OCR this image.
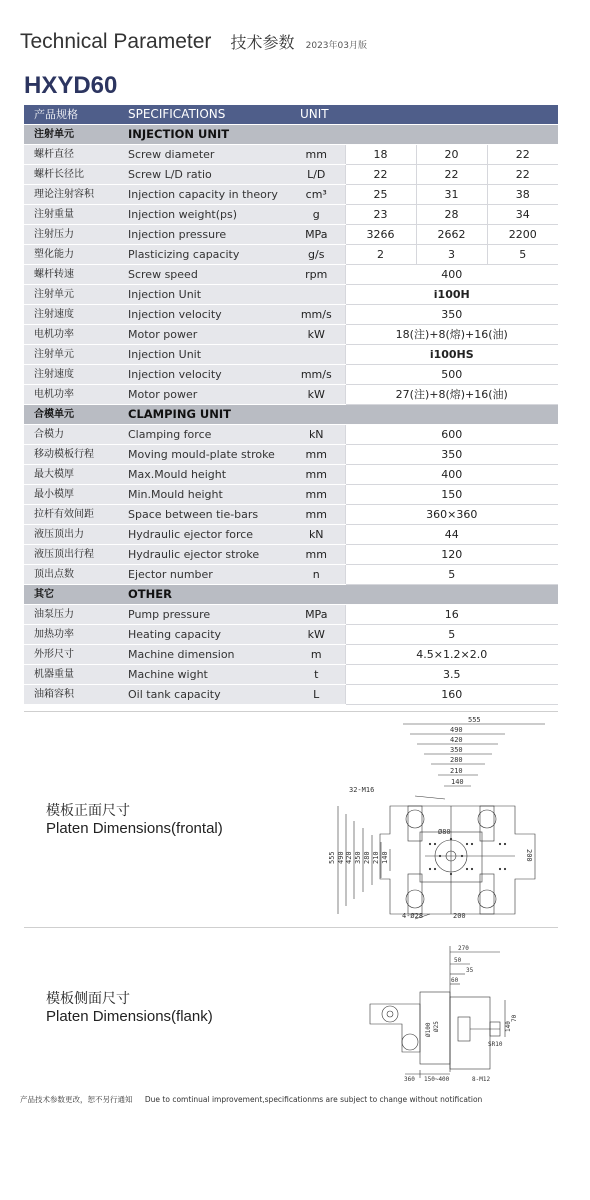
Technical Parameter 技术参数 2023年03月版
HXYD60
产品规格	SPECIFICATIONS	UNIT			
注射单元	INJECTION UNIT				
螺杆直径	Screw diameter	mm	18	20	22
螺杆长径比	Screw L/D ratio	L/D	22	22	22
理论注射容积	Injection capacity in theory	cm³	25	31	38
注射重量	Injection weight(ps)	g	23	28	34
注射压力	Injection pressure	MPa	3266	2662	2200
塑化能力	Plasticizing capacity	g/s	2	3	5
螺杆转速	Screw speed	rpm	400		
注射单元	Injection Unit		i100H		
注射速度	Injection velocity	mm/s	350		
电机功率	Motor power	kW	18(注)+8(熔)+16(油)		
注射单元	Injection Unit		i100HS		
注射速度	Injection velocity	mm/s	500		
电机功率	Motor power	kW	27(注)+8(熔)+16(油)		
合模单元	CLAMPING UNIT				
合模力	Clamping force	kN	600		
移动模板行程	Moving mould-plate stroke	mm	350		
最大模厚	Max.Mould height	mm	400		
最小模厚	Min.Mould height	mm	150		
拉杆有效间距	Space between tie-bars	mm	360×360		
液压顶出力	Hydraulic ejector force	kN	44		
液压顶出行程	Hydraulic ejector stroke	mm	120		
顶出点数	Ejector number	n	5		
其它	OTHER				
油泵压力	Pump pressure	MPa	16		
加热功率	Heating capacity	kW	5		
外形尺寸	Machine dimension	m	4.5×1.2×2.0		
机器重量	Machine wight	t	3.5		
油箱容积	Oil tank capacity	L	160		
模板正面尺寸
Platen Dimensions(frontal)
555
490
420
350
280
210
140
555 490 420 350 280 210 140
32-M16
4-Ø28	200
200
Ø80
模板侧面尺寸
Platen Dimensions(flank)
270
50
35
60
Ø100 Ø25
SR10
140
70
360 150~400	8-M12
产品技术参数更改，恕不另行通知 Due to comtinual improvement,specificationms are subject to change without notification
